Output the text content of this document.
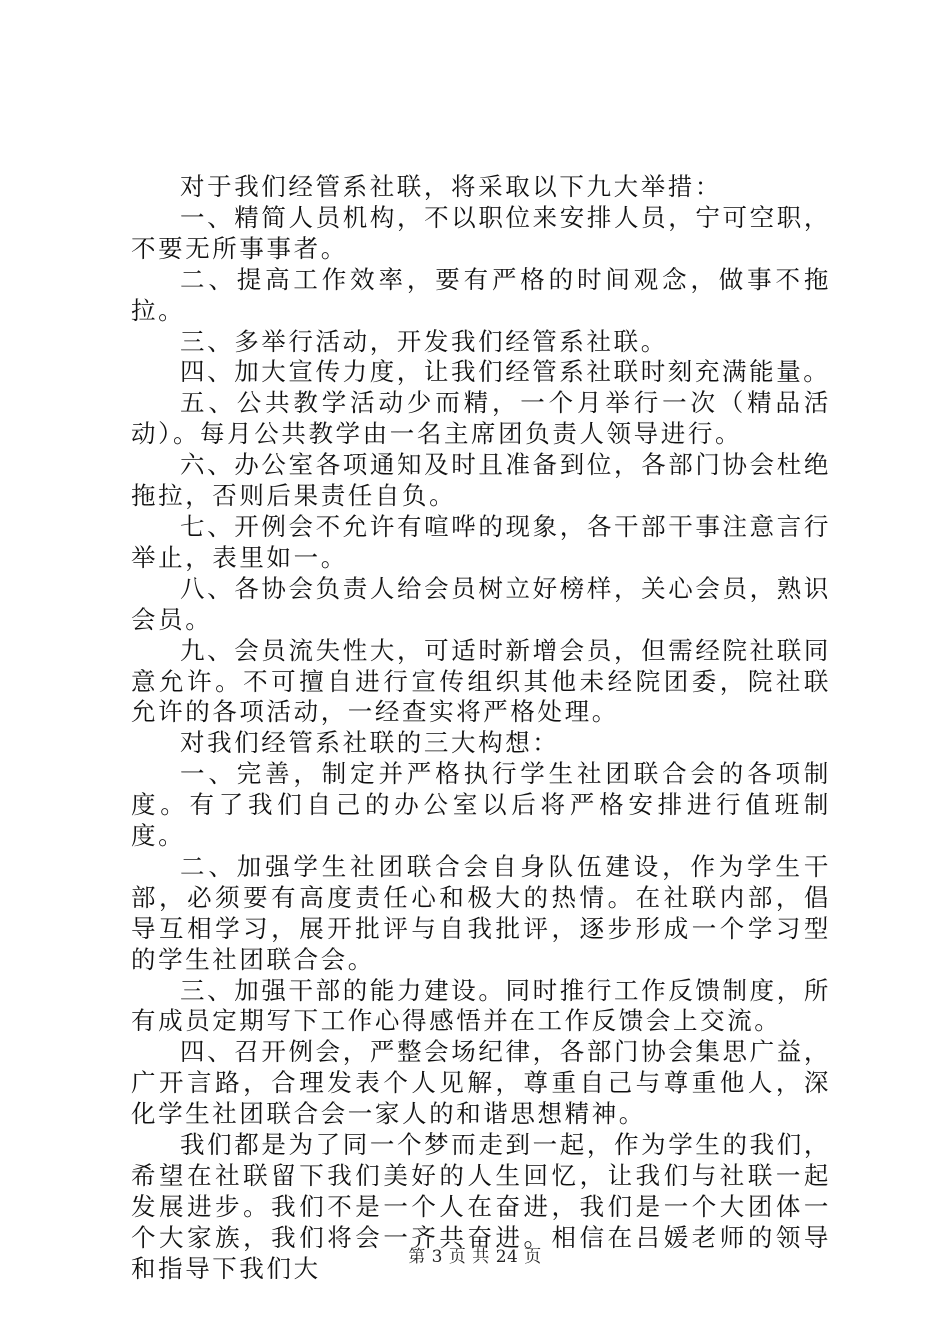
对于我们经管系社联，将采取以下九大举措：

一、精简人员机构，不以职位来安排人员，宁可空职，不要无所事事者。

二、提高工作效率，要有严格的时间观念，做事不拖拉。

三、多举行活动，开发我们经管系社联。

四、加大宣传力度，让我们经管系社联时刻充满能量。

五、公共教学活动少而精，一个月举行一次（精品活动）。每月公共教学由一名主席团负责人领导进行。

六、办公室各项通知及时且准备到位，各部门协会杜绝拖拉，否则后果责任自负。

七、开例会不允许有喧哗的现象，各干部干事注意言行举止，表里如一。

八、各协会负责人给会员树立好榜样，关心会员，熟识会员。

九、会员流失性大，可适时新增会员，但需经院社联同意允许。不可擅自进行宣传组织其他未经院团委，院社联允许的各项活动，一经查实将严格处理。

对我们经管系社联的三大构想：

一、完善，制定并严格执行学生社团联合会的各项制度。有了我们自己的办公室以后将严格安排进行值班制度。

二、加强学生社团联合会自身队伍建设，作为学生干部，必须要有高度责任心和极大的热情。在社联内部，倡导互相学习，展开批评与自我批评，逐步形成一个学习型的学生社团联合会。

三、加强干部的能力建设。同时推行工作反馈制度，所有成员定期写下工作心得感悟并在工作反馈会上交流。

四、召开例会，严整会场纪律，各部门协会集思广益，广开言路，合理发表个人见解，尊重自己与尊重他人，深化学生社团联合会一家人的和谐思想精神。

我们都是为了同一个梦而走到一起，作为学生的我们，希望在社联留下我们美好的人生回忆，让我们与社联一起发展进步。我们不是一个人在奋进，我们是一个大团体一个大家族，我们将会一齐共奋进。相信在吕媛老师的领导和指导下我们大	第 3 页 共 24 页
